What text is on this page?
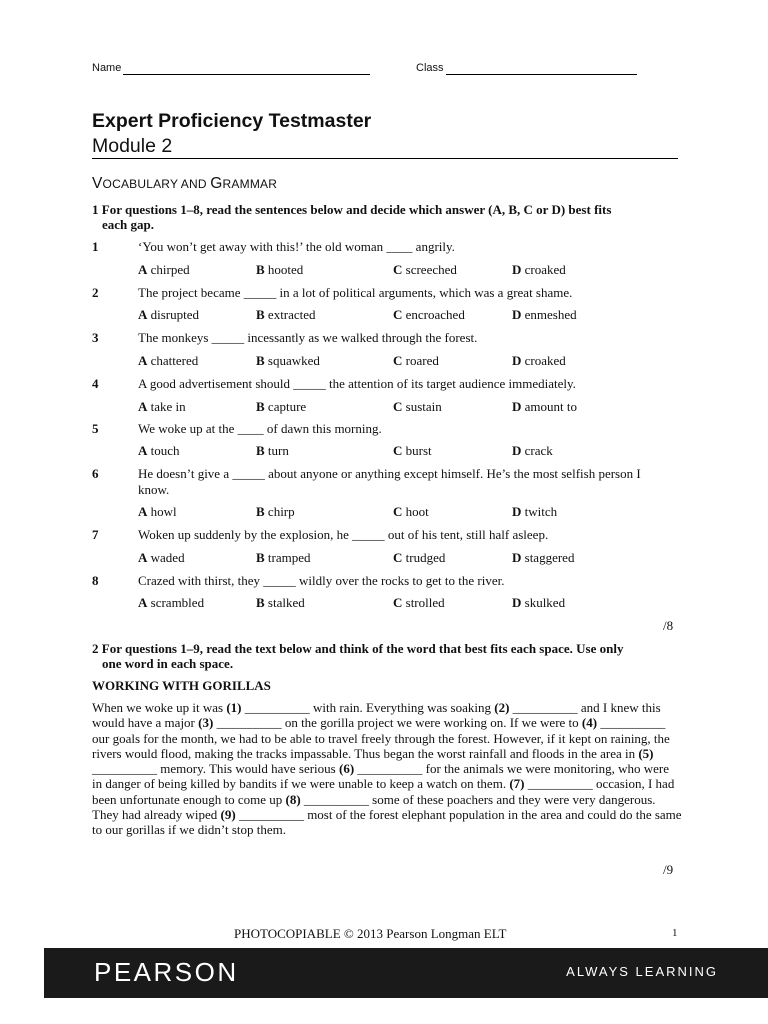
Name	Class
Expert Proficiency Testmaster
Module 2
VOCABULARY AND GRAMMAR
1 For questions 1–8, read the sentences below and decide which answer (A, B, C or D) best fits
each gap.
1	‘You won’t get away with this!’ the old woman ____ angrily.
A chirped	B hooted	C screeched	D croaked
2	The project became _____ in a lot of political arguments, which was a great shame.
A disrupted	B extracted	C encroached	D enmeshed
3	The monkeys _____ incessantly as we walked through the forest.
A chattered	B squawked	C roared	D croaked
4	A good advertisement should _____ the attention of its target audience immediately.
A take in	B capture	C sustain	D amount to
5	We woke up at the ____ of dawn this morning.
A touch	B turn	C burst	D crack
6	He doesn’t give a _____ about anyone or anything except himself. He’s the most selfish person I know.
A howl	B chirp	C hoot	D twitch
7	Woken up suddenly by the explosion, he _____ out of his tent, still half asleep.
A waded	B tramped	C trudged	D staggered
8	Crazed with thirst, they _____ wildly over the rocks to get to the river.
A scrambled	B stalked	C strolled	D skulked
/8
2 For questions 1–9, read the text below and think of the word that best fits each space. Use only
one word in each space.
WORKING WITH GORILLAS
When we woke up it was (1) __________ with rain. Everything was soaking (2) __________ and I knew this would have a major (3) __________ on the gorilla project we were working on. If we were to (4) __________ our goals for the month, we had to be able to travel freely through the forest. However, if it kept on raining, the rivers would flood, making the tracks impassable. Thus began the worst rainfall and floods in the area in (5) __________ memory. This would have serious (6) __________ for the animals we were monitoring, who were in danger of being killed by bandits if we were unable to keep a watch on them. (7) __________ occasion, I had been unfortunate enough to come up (8) __________ some of these poachers and they were very dangerous. They had already wiped (9) __________ most of the forest elephant population in the area and could do the same to our gorillas if we didn’t stop them.
/9
PHOTOCOPIABLE © 2013 Pearson Longman ELT	1
PEARSON	ALWAYS LEARNING
